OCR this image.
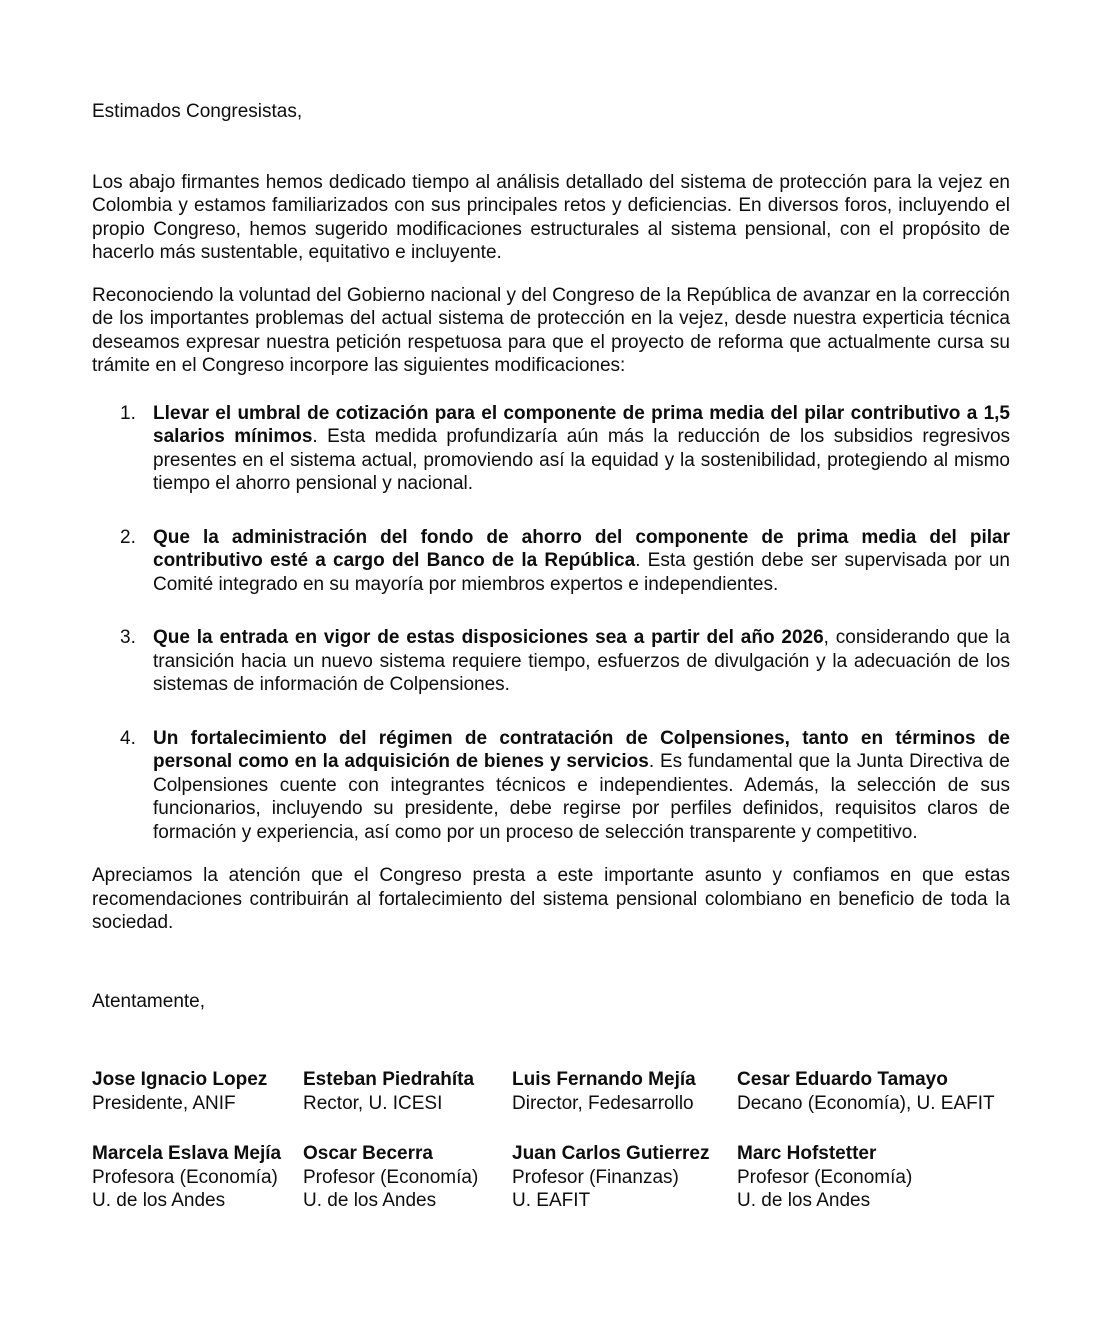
Estimados Congresistas,

Los abajo firmantes hemos dedicado tiempo al análisis detallado del sistema de protección para la vejez en Colombia y estamos familiarizados con sus principales retos y deficiencias. En diversos foros, incluyendo el propio Congreso, hemos sugerido modificaciones estructurales al sistema pensional, con el propósito de hacerlo más sustentable, equitativo e incluyente.

Reconociendo la voluntad del Gobierno nacional y del Congreso de la República de avanzar en la corrección de los importantes problemas del actual sistema de protección en la vejez, desde nuestra experticia técnica deseamos expresar nuestra petición respetuosa para que el proyecto de reforma que actualmente cursa su trámite en el Congreso incorpore las siguientes modificaciones:

1. Llevar el umbral de cotización para el componente de prima media del pilar contributivo a 1,5 salarios mínimos. Esta medida profundizaría aún más la reducción de los subsidios regresivos presentes en el sistema actual, promoviendo así la equidad y la sostenibilidad, protegiendo al mismo tiempo el ahorro pensional y nacional.
2. Que la administración del fondo de ahorro del componente de prima media del pilar contributivo esté a cargo del Banco de la República. Esta gestión debe ser supervisada por un Comité integrado en su mayoría por miembros expertos e independientes.
3. Que la entrada en vigor de estas disposiciones sea a partir del año 2026, considerando que la transición hacia un nuevo sistema requiere tiempo, esfuerzos de divulgación y la adecuación de los sistemas de información de Colpensiones.
4. Un fortalecimiento del régimen de contratación de Colpensiones, tanto en términos de personal como en la adquisición de bienes y servicios. Es fundamental que la Junta Directiva de Colpensiones cuente con integrantes técnicos e independientes. Además, la selección de sus funcionarios, incluyendo su presidente, debe regirse por perfiles definidos, requisitos claros de formación y experiencia, así como por un proceso de selección transparente y competitivo.

Apreciamos la atención que el Congreso presta a este importante asunto y confiamos en que estas recomendaciones contribuirán al fortalecimiento del sistema pensional colombiano en beneficio de toda la sociedad.

Atentamente,

Jose Ignacio Lopez
Presidente, ANIF
Esteban Piedrahíta
Rector, U. ICESI
Luis Fernando Mejía
Director, Fedesarrollo
Cesar Eduardo Tamayo
Decano (Economía), U. EAFIT
Marcela Eslava Mejía
Profesora (Economía)
U. de los Andes
Oscar Becerra
Profesor (Economía)
U. de los Andes
Juan Carlos Gutierrez
Profesor (Finanzas)
U. EAFIT
Marc Hofstetter
Profesor (Economía)
U. de los Andes
